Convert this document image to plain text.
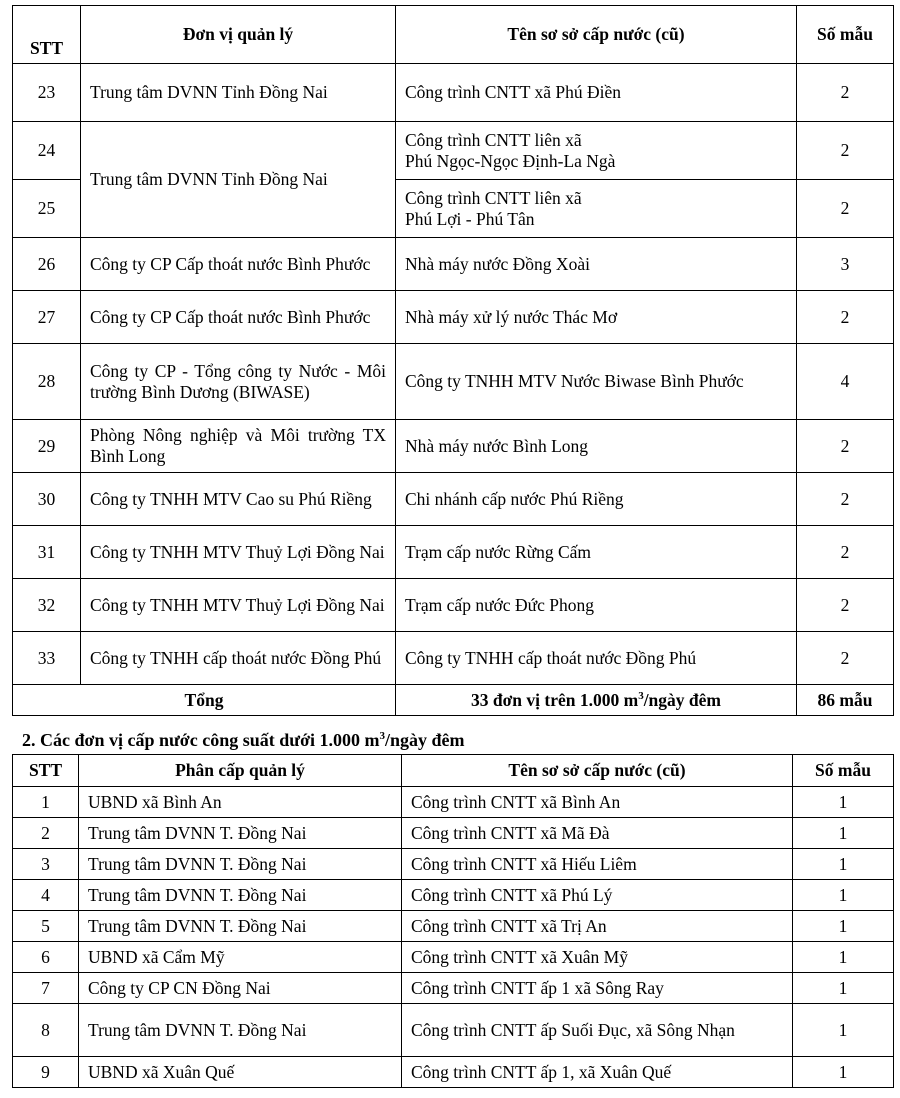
STT	Đơn vị quản lý	Tên sơ sở cấp nước (cũ)	Số mẫu
23	Trung tâm DVNN Tỉnh Đồng Nai	Công trình CNTT xã Phú Điền	2
24	Trung tâm DVNN Tỉnh Đồng Nai	Công trình CNTT liên xã
Phú Ngọc-Ngọc Định-La Ngà	2
25		Công trình CNTT liên xã
Phú Lợi - Phú Tân	2
26	Công ty CP Cấp thoát nước Bình Phước	Nhà máy nước Đồng Xoài	3
27	Công ty CP Cấp thoát nước Bình Phước	Nhà máy xử lý nước Thác Mơ	2
28	Công ty CP - Tổng công ty Nước - Môi trường Bình Dương (BIWASE)	Công ty TNHH MTV Nước Biwase Bình Phước	4
29	Phòng Nông nghiệp và Môi trường TX Bình Long	Nhà máy nước Bình Long	2
30	Công ty TNHH MTV Cao su Phú Riềng	Chi nhánh cấp nước Phú Riềng	2
31	Công ty TNHH MTV Thuỷ Lợi Đồng Nai	Trạm cấp nước Rừng Cấm	2
32	Công ty TNHH MTV Thuỷ Lợi Đồng Nai	Trạm cấp nước Đức Phong	2
33	Công ty TNHH cấp thoát nước Đồng Phú	Công ty TNHH cấp thoát nước Đồng Phú	2
Tổng		33 đơn vị trên 1.000 $m^3$/ngày đêm	86 mẫu
2. Các đơn vị cấp nước công suất dưới 1.000 $m^3$/ngày đêm
STT	Phân cấp quản lý	Tên sơ sở cấp nước (cũ)	Số mẫu
1	UBND xã Bình An	Công trình CNTT xã Bình An	1
2	Trung tâm DVNN T. Đồng Nai	Công trình CNTT xã Mã Đà	1
3	Trung tâm DVNN T. Đồng Nai	Công trình CNTT xã Hiếu Liêm	1
4	Trung tâm DVNN T. Đồng Nai	Công trình CNTT xã Phú Lý	1
5	Trung tâm DVNN T. Đồng Nai	Công trình CNTT xã Trị An	1
6	UBND xã Cẩm Mỹ	Công trình CNTT xã Xuân Mỹ	1
7	Công ty CP CN Đồng Nai	Công trình CNTT ấp 1 xã Sông Ray	1
8	Trung tâm DVNN T. Đồng Nai	Công trình CNTT ấp Suối Đục, xã Sông Nhạn	1
9	UBND xã Xuân Quế	Công trình CNTT ấp 1, xã Xuân Quế	1
